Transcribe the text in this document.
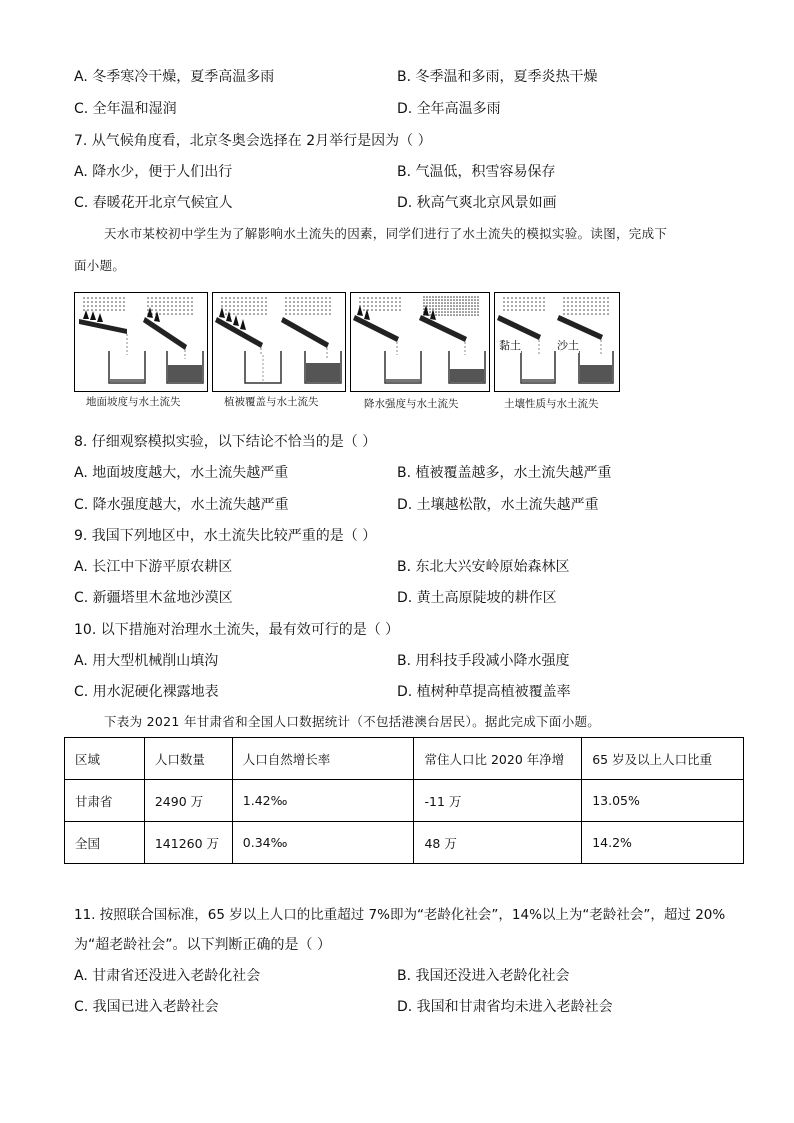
A. 冬季寒冷干燥，夏季高温多雨	B. 冬季温和多雨，夏季炎热干燥
C. 全年温和湿润	D. 全年高温多雨
7. 从气候角度看，北京冬奥会选择在 2月举行是因为（ ）
A. 降水少，便于人们出行	B. 气温低，积雪容易保存
C. 春暖花开北京气候宜人	D. 秋高气爽北京风景如画
天水市某校初中学生为了解影响水土流失的因素，同学们进行了水土流失的模拟实验。读图，完成下
面小题。
地面坡度与水土流失	植被覆盖与水土流失	降水强度与水土流失
黏土	沙土
土壤性质与水土流失
8. 仔细观察模拟实验，以下结论不恰当的是（ ）
A. 地面坡度越大，水土流失越严重	B. 植被覆盖越多，水土流失越严重
C. 降水强度越大，水土流失越严重	D. 土壤越松散，水土流失越严重
9. 我国下列地区中，水土流失比较严重的是（ ）
A. 长江中下游平原农耕区	B. 东北大兴安岭原始森林区
C. 新疆塔里木盆地沙漠区	D. 黄土高原陡坡的耕作区
10. 以下措施对治理水土流失，最有效可行的是（ ）
A. 用大型机械削山填沟	B. 用科技手段减小降水强度
C. 用水泥硬化裸露地表	D. 植树种草提高植被覆盖率
下表为 2021 年甘肃省和全国人口数据统计（不包括港澳台居民）。据此完成下面小题。
区域	人口数量	人口自然增长率	常住人口比 2020 年净增	65 岁及以上人口比重
甘肃省	2490 万	1.42‰	-11 万	13.05%
全国	141260 万	0.34‰	48 万	14.2%
11. 按照联合国标准，65 岁以上人口的比重超过 7%即为“老龄化社会”，14%以上为“老龄社会”，超过 20%
为“超老龄社会”。以下判断正确的是（ ）
A. 甘肃省还没进入老龄化社会	B. 我国还没进入老龄化社会
C. 我国已进入老龄社会	D. 我国和甘肃省均未进入老龄社会
